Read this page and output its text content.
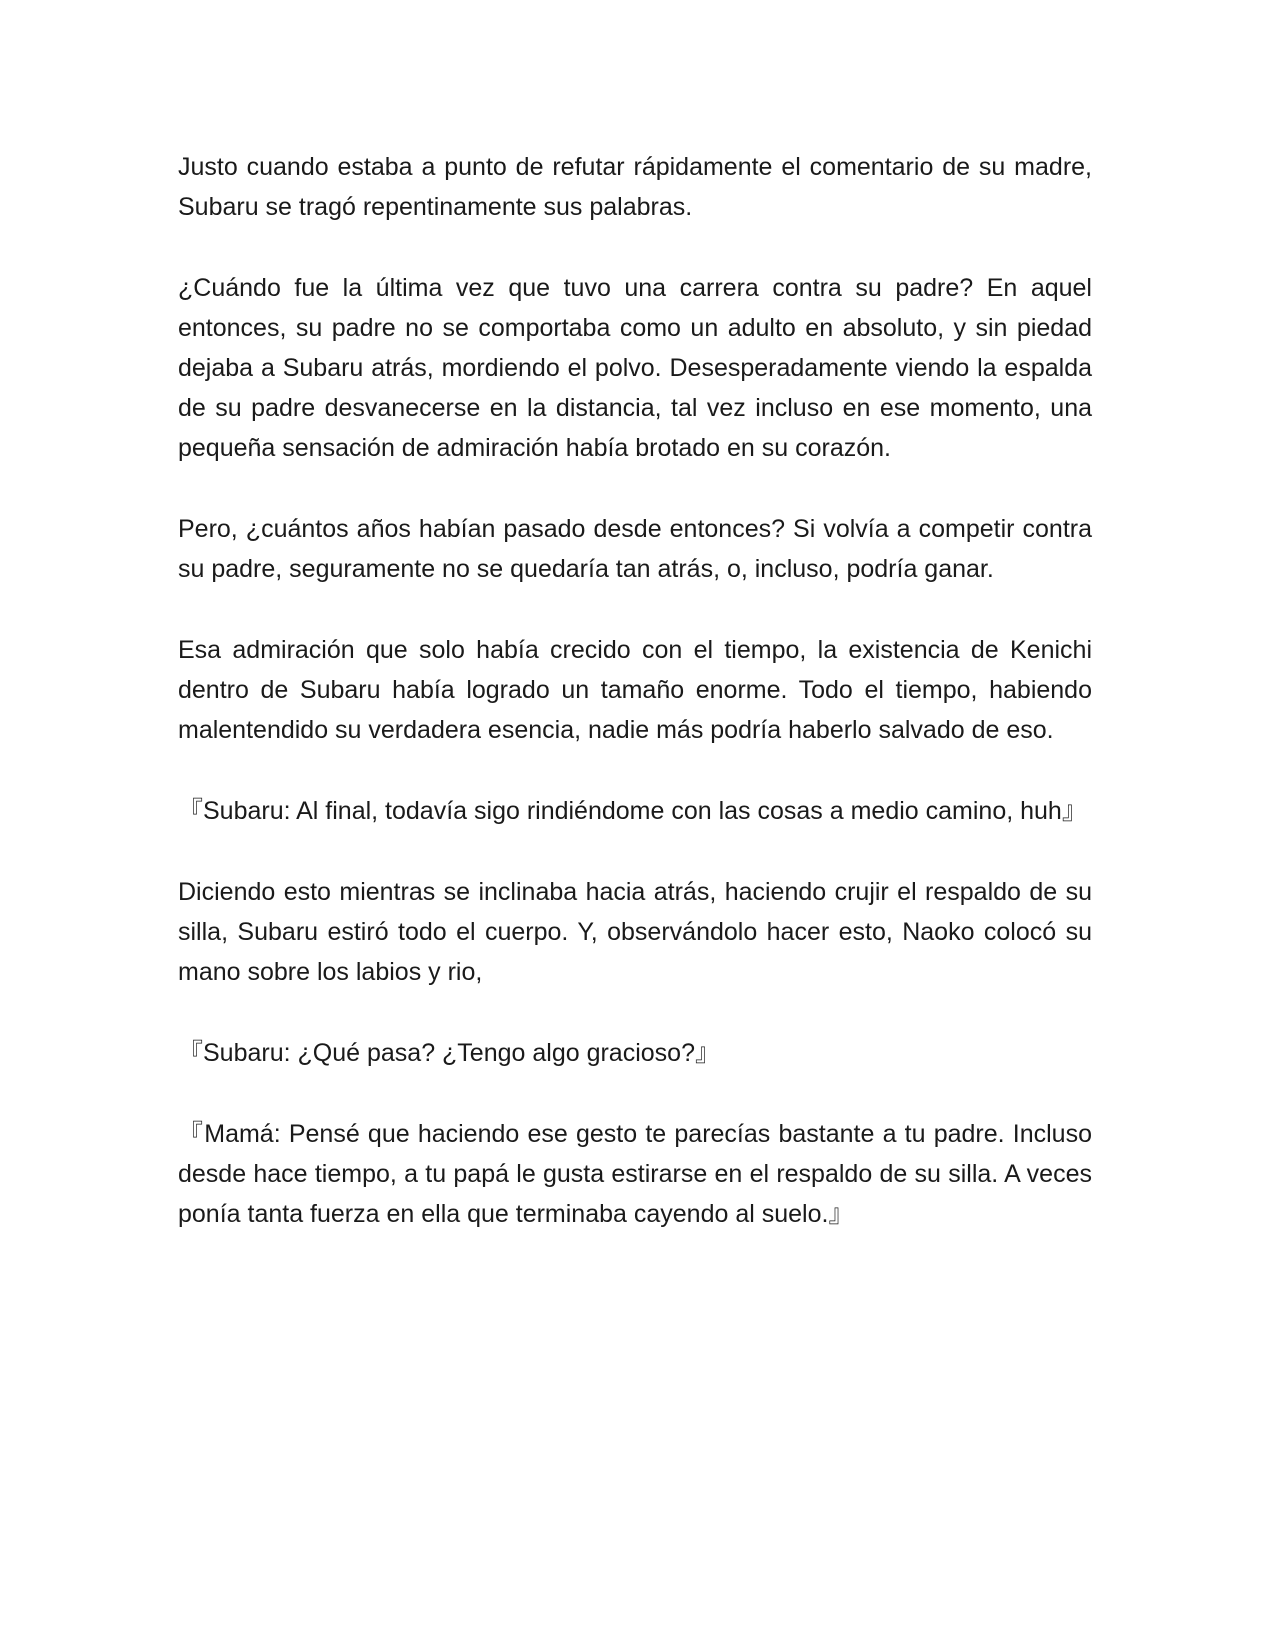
Justo cuando estaba a punto de refutar rápidamente el comentario de su madre, Subaru se tragó repentinamente sus palabras.

¿Cuándo fue la última vez que tuvo una carrera contra su padre? En aquel entonces, su padre no se comportaba como un adulto en absoluto, y sin piedad dejaba a Subaru atrás, mordiendo el polvo. Desesperadamente viendo la espalda de su padre desvanecerse en la distancia, tal vez incluso en ese momento, una pequeña sensación de admiración había brotado en su corazón.

Pero, ¿cuántos años habían pasado desde entonces? Si volvía a competir contra su padre, seguramente no se quedaría tan atrás, o, incluso, podría ganar.

Esa admiración que solo había crecido con el tiempo, la existencia de Kenichi dentro de Subaru había logrado un tamaño enorme. Todo el tiempo, habiendo malentendido su verdadera esencia, nadie más podría haberlo salvado de eso.

『Subaru: Al final, todavía sigo rindiéndome con las cosas a medio camino, huh』

Diciendo esto mientras se inclinaba hacia atrás, haciendo crujir el respaldo de su silla, Subaru estiró todo el cuerpo. Y, observándolo hacer esto, Naoko colocó su mano sobre los labios y rio,

『Subaru: ¿Qué pasa? ¿Tengo algo gracioso?』

『Mamá: Pensé que haciendo ese gesto te parecías bastante a tu padre. Incluso desde hace tiempo, a tu papá le gusta estirarse en el respaldo de su silla. A veces ponía tanta fuerza en ella que terminaba cayendo al suelo.』
